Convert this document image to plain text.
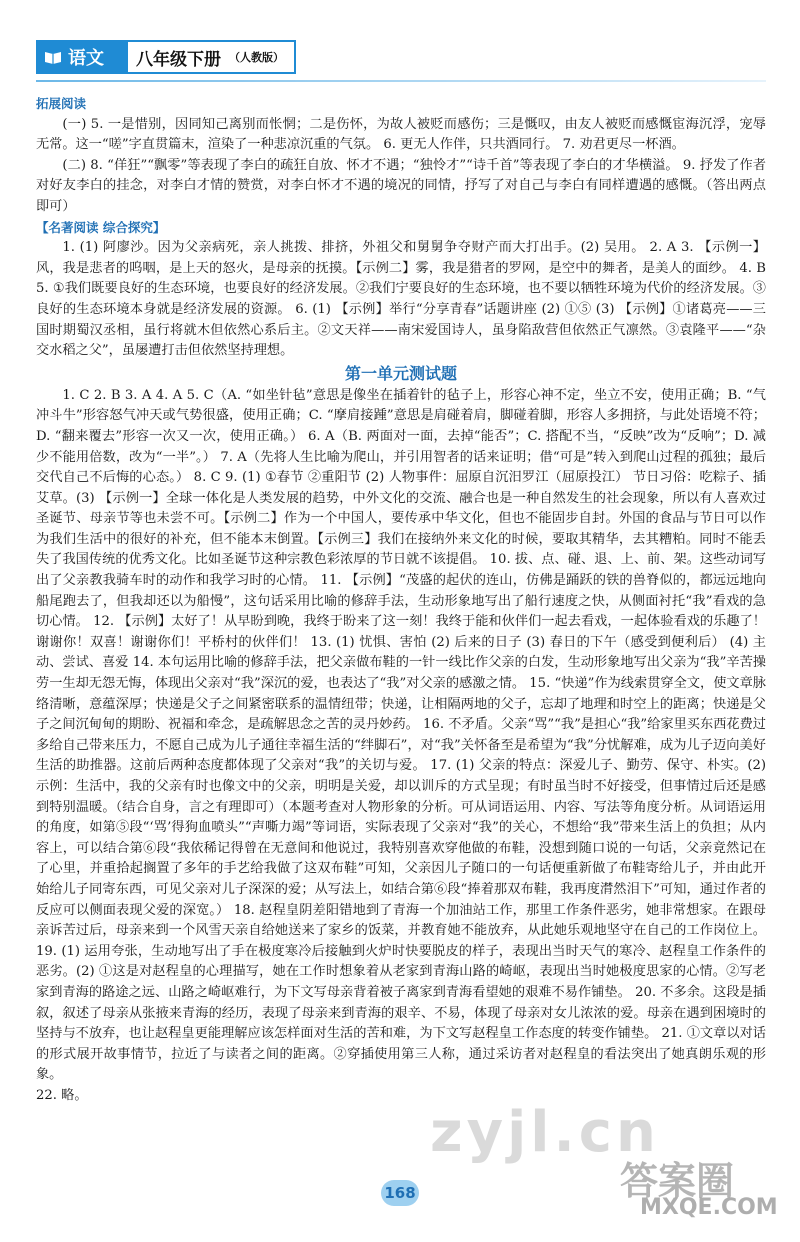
语文 八年级下册 （人教版）

拓展阅读

(一) 5. 一是惜别，因同知己离别而怅惘；二是伤怀，为故人被贬而感伤；三是慨叹，由友人被贬而感慨宦海沉浮，宠辱无常。这一“嗟”字直贯篇末，渲染了一种悲凉沉重的气氛。 6. 更无人作伴，只共酒同行。 7. 劝君更尽一杯酒。

(二) 8. “佯狂”“飘零”等表现了李白的疏狂自放、怀才不遇；“独怜才”“诗千首”等表现了李白的才华横溢。 9. 抒发了作者对好友李白的挂念，对李白才情的赞赏，对李白怀才不遇的境况的同情，抒写了对自己与李白有同样遭遇的感慨。（答出两点即可）

【名著阅读 综合探究】

1. (1) 阿廖沙。因为父亲病死，亲人挑拨、排挤，外祖父和舅舅争夺财产而大打出手。(2) 吴用。 2. A 3. 【示例一】风，我是悲者的呜咽，是上天的怒火，是母亲的抚摸。【示例二】雾，我是猎者的罗网，是空中的舞者，是美人的面纱。 4. B 5. ①我们既要良好的生态环境，也要良好的经济发展。②我们宁要良好的生态环境，也不要以牺牲环境为代价的经济发展。③良好的生态环境本身就是经济发展的资源。 6. (1) 【示例】举行“分享青春”话题讲座 (2) ①⑤ (3) 【示例】①诸葛亮——三国时期蜀汉丞相，虽行将就木但依然心系后主。②文天祥——南宋爱国诗人，虽身陷敌营但依然正气凛然。③袁隆平——“杂交水稻之父”，虽屡遭打击但依然坚持理想。

第一单元测试题

1. C 2. B 3. A 4. A 5. C（A. “如坐针毡”意思是像坐在插着针的毡子上，形容心神不定，坐立不安，使用正确；B. “气冲斗牛”形容怒气冲天或气势很盛，使用正确；C. “摩肩接踵”意思是肩碰着肩，脚碰着脚，形容人多拥挤，与此处语境不符；D. “翻来覆去”形容一次又一次，使用正确。） 6. A（B. 两面对一面，去掉“能否”；C. 搭配不当，“反映”改为“反响”；D. 减少不能用倍数，改为“一半”。） 7. A（先将人生比喻为爬山，并引用智者的话来证明；借“可是”转入到爬山过程的孤独；最后交代自己不后悔的心态。） 8. C 9. (1) ①春节 ②重阳节 (2) 人物事件：屈原自沉汨罗江（屈原投江） 节日习俗：吃粽子、插艾草。(3) 【示例一】全球一体化是人类发展的趋势，中外文化的交流、融合也是一种自然发生的社会现象，所以有人喜欢过圣诞节、母亲节等也未尝不可。【示例二】作为一个中国人，要传承中华文化，但也不能固步自封。外国的食品与节日可以作为我们生活中的很好的补充，但不能本末倒置。【示例三】我们在接纳外来文化的时候，要取其精华，去其糟粕。同时不能丢失了我国传统的优秀文化。比如圣诞节这种宗教色彩浓厚的节日就不该提倡。 10. 拔、点、碰、退、上、前、架。这些动词写出了父亲教我骑车时的动作和我学习时的心情。 11. 【示例】“茂盛的起伏的连山，仿佛是踊跃的铁的兽脊似的，都远远地向船尾跑去了，但我却还以为船慢”，这句话采用比喻的修辞手法，生动形象地写出了船行速度之快，从侧面衬托“我”看戏的急切心情。 12. 【示例】太好了！从早盼到晚，我终于盼来了这一刻！我终于能和伙伴们一起去看戏，一起体验看戏的乐趣了！谢谢你！双喜！谢谢你们！平桥村的伙伴们！ 13. (1) 忧惧、害怕 (2) 后来的日子 (3) 春日的下午（感受到便利后） (4) 主动、尝试、喜爱 14. 本句运用比喻的修辞手法，把父亲做布鞋的一针一线比作父亲的白发，生动形象地写出父亲为“我”辛苦操劳一生却无怨无悔，体现出父亲对“我”深沉的爱，也表达了“我”对父亲的感激之情。 15. “快递”作为线索贯穿全文，使文章脉络清晰，意蕴深厚；快递是父子之间紧密联系的温情纽带；快递，让相隔两地的父子，忘却了地理和时空上的距离；快递是父子之间沉甸甸的期盼、祝福和牵念，是疏解思念之苦的灵丹妙药。 16. 不矛盾。父亲“骂”“我”是担心“我”给家里买东西花费过多给自己带来压力，不愿自己成为儿子通往幸福生活的“绊脚石”，对“我”关怀备至是希望为“我”分忧解难，成为儿子迈向美好生活的助推器。这前后两种态度都体现了父亲对“我”的关切与爱。 17. (1) 父亲的特点：深爱儿子、勤劳、保守、朴实。(2) 示例：生活中，我的父亲有时也像文中的父亲，明明是关爱，却以训斥的方式呈现；有时虽当时不好接受，但事情过后还是感到特别温暖。（结合自身，言之有理即可）（本题考查对人物形象的分析。可从词语运用、内容、写法等角度分析。从词语运用的角度，如第⑤段“‘骂’得狗血喷头”“声嘶力竭”等词语，实际表现了父亲对“我”的关心，不想给“我”带来生活上的负担；从内容上，可以结合第⑥段“我依稀记得曾在无意间和他说过，我特别喜欢穿他做的布鞋，没想到随口说的一句话，父亲竟然记在了心里，并重拾起搁置了多年的手艺给我做了这双布鞋”可知，父亲因儿子随口的一句话便重新做了布鞋寄给儿子，并由此开始给儿子同寄东西，可见父亲对儿子深深的爱；从写法上，如结合第⑥段“捧着那双布鞋，我再度潸然泪下”可知，通过作者的反应可以侧面表现父爱的深宽。） 18. 赵程皇阴差阳错地到了青海一个加油站工作，那里工作条件恶劣，她非常想家。在跟母亲诉苦过后，母亲来到一个风雪天亲自给她送来了家乡的饭菜，并教育她不能放弃，从此她乐观地坚守在自己的工作岗位上。 19. (1) 运用夸张，生动地写出了手在极度寒冷后接触到火炉时快要脱皮的样子，表现出当时天气的寒冷、赵程皇工作条件的恶劣。(2) ①这是对赵程皇的心理描写，她在工作时想象着从老家到青海山路的崎岖，表现出当时她极度思家的心情。②写老家到青海的路途之远、山路之崎岖难行，为下文写母亲背着被子离家到青海看望她的艰难不易作铺垫。 20. 不多余。这段是插叙，叙述了母亲从张掖来青海的经历，表现了母亲来到青海的艰辛、不易，体现了母亲对女儿浓浓的爱。母亲在遇到困境时的坚持与不放弃，也让赵程皇更能理解应该怎样面对生活的苦和难，为下文写赵程皇工作态度的转变作铺垫。 21. ①文章以对话的形式展开故事情节，拉近了与读者之间的距离。②穿插使用第三人称，通过采访者对赵程皇的看法突出了她真朗乐观的形象。

22. 略。

zyjl.cn
答案圈
MXQE.COM
168
